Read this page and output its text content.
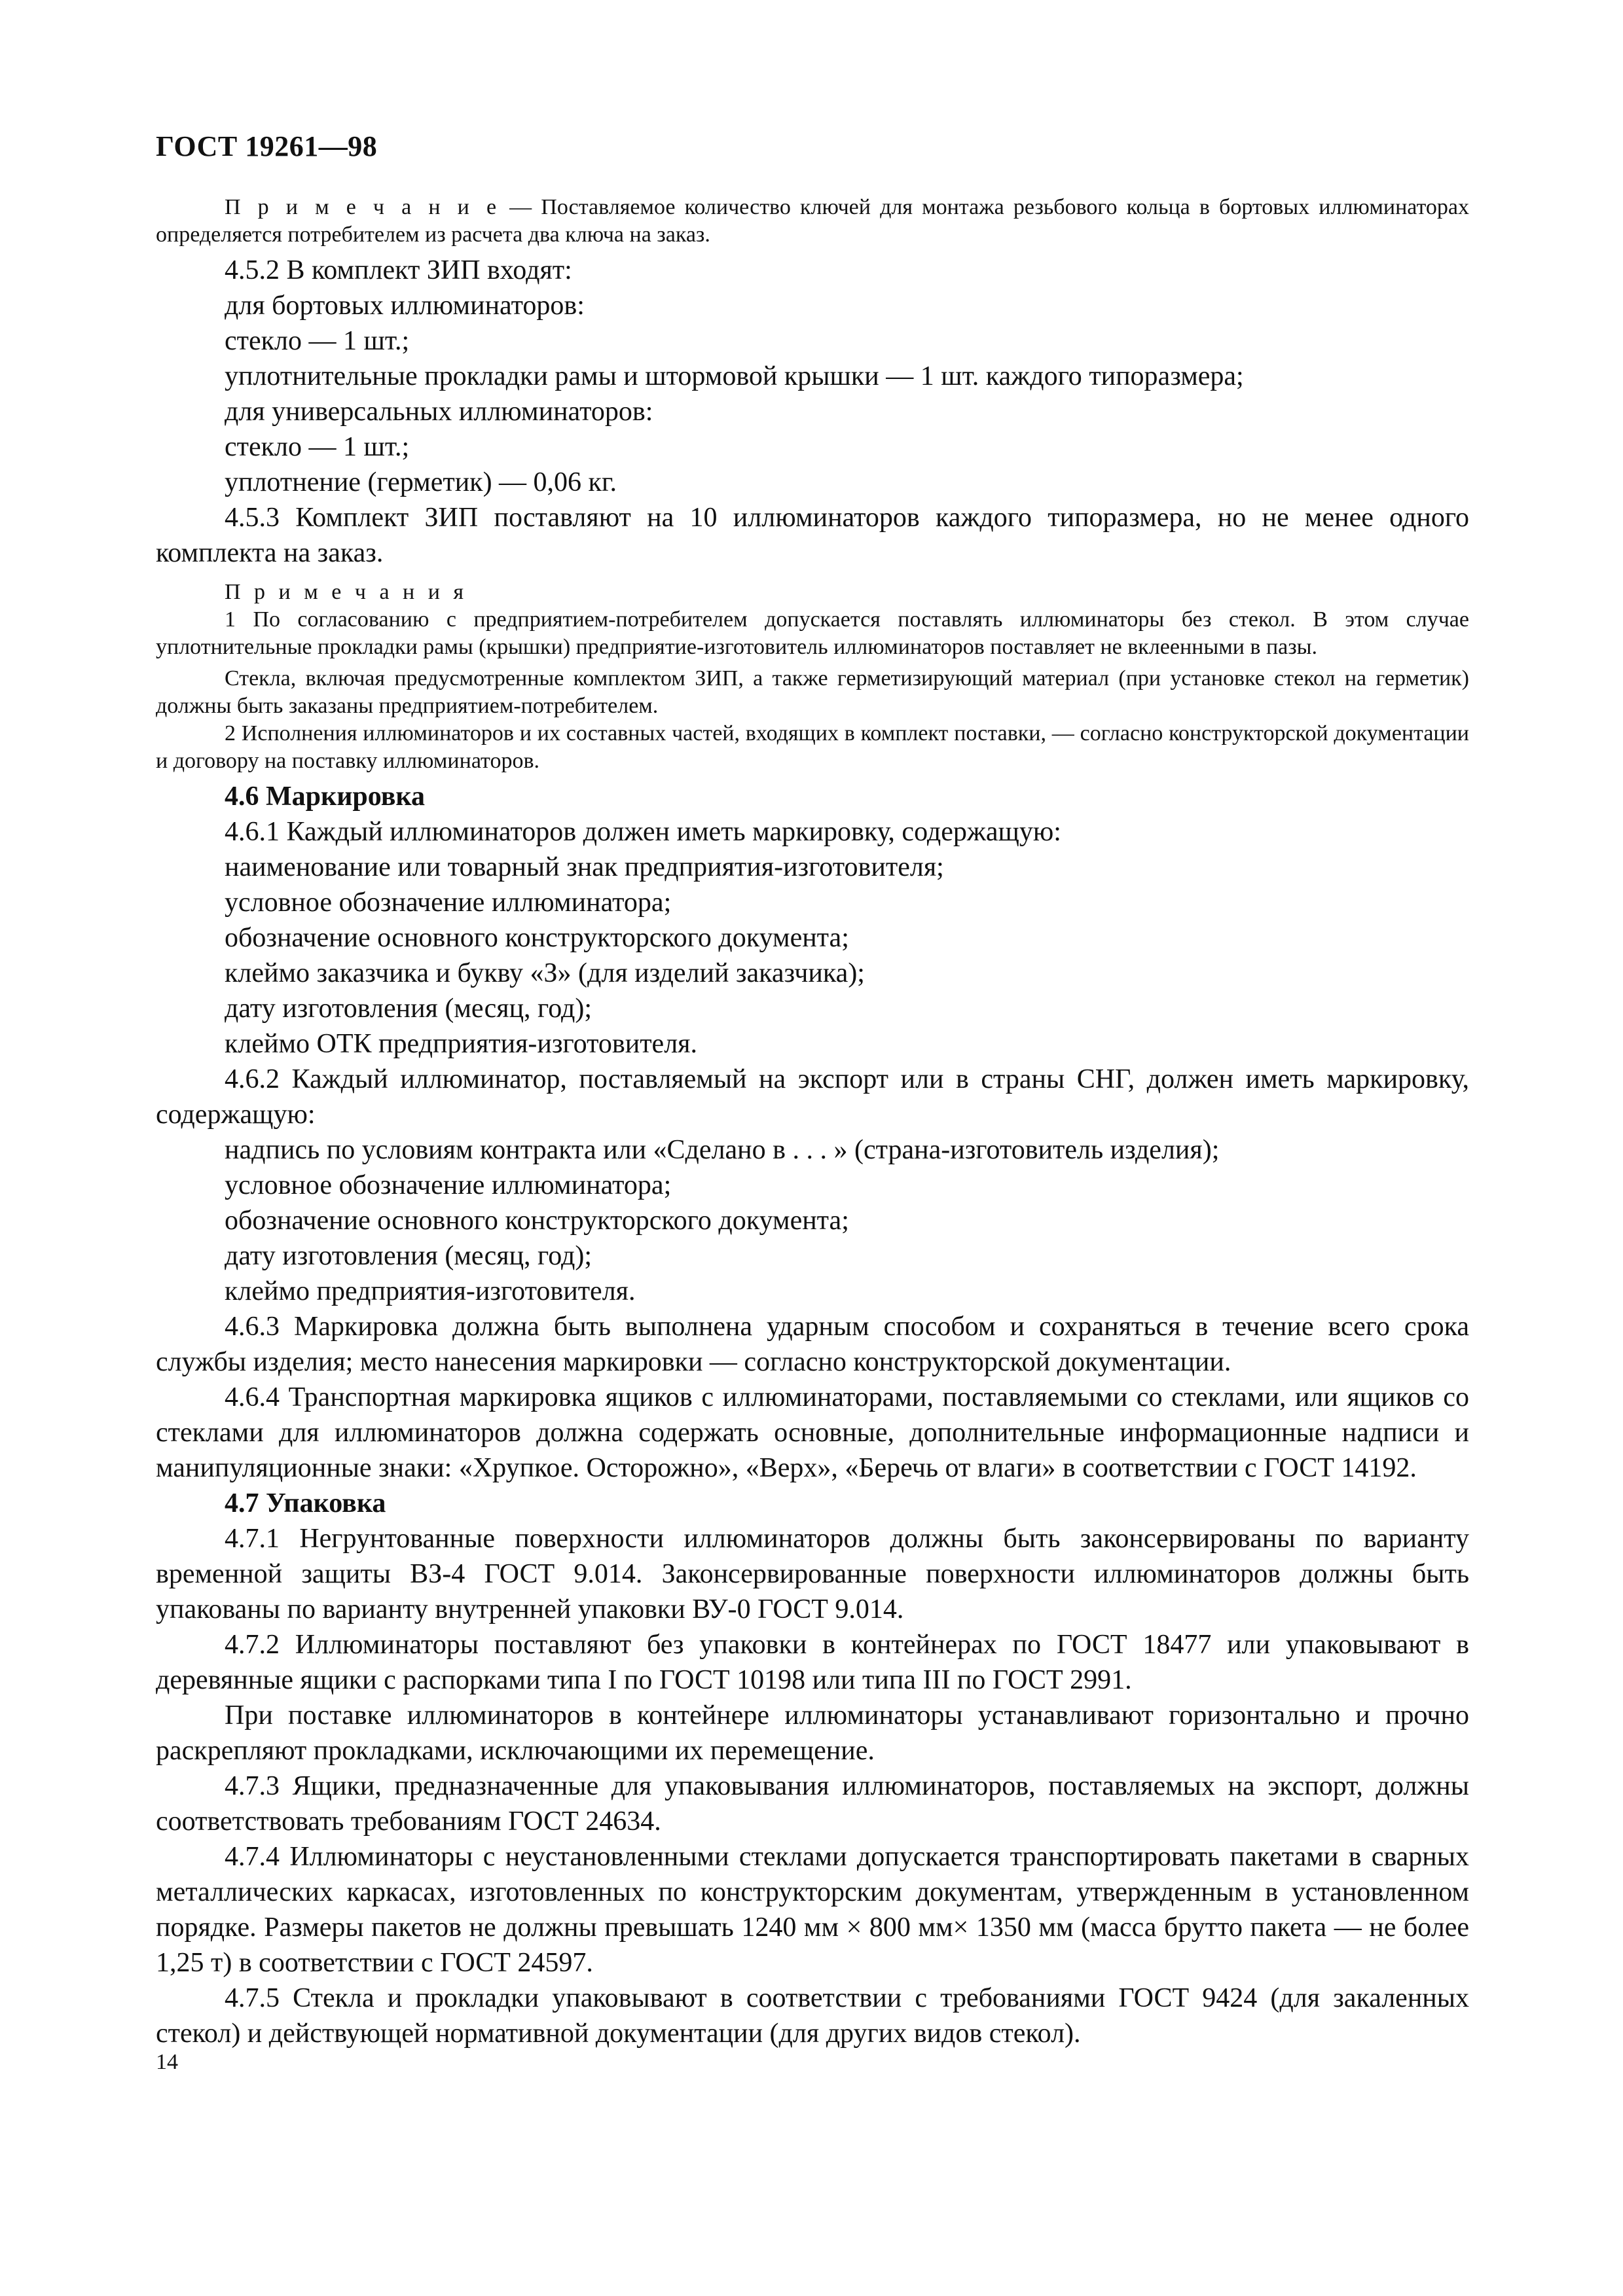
ГОСТ 19261—98

П р и м е ч а н и е — Поставляемое количество ключей для монтажа резьбового кольца в бортовых иллюминаторах определяется потребителем из расчета два ключа на заказ.

4.5.2 В комплект ЗИП входят:

для бортовых иллюминаторов:

стекло — 1 шт.;

уплотнительные прокладки рамы и штормовой крышки — 1 шт. каждого типоразмера;

для универсальных иллюминаторов:

стекло — 1 шт.;

уплотнение (герметик) — 0,06 кг.

4.5.3 Комплект ЗИП поставляют на 10 иллюминаторов каждого типоразмера, но не менее одного комплекта на заказ.

П р и м е ч а н и я

1 По согласованию с предприятием-потребителем допускается поставлять иллюминаторы без стекол. В этом случае уплотнительные прокладки рамы (крышки) предприятие-изготовитель иллюминаторов поставляет не вклеенными в пазы.

Стекла, включая предусмотренные комплектом ЗИП, а также герметизирующий материал (при установке стекол на герметик) должны быть заказаны предприятием-потребителем.

2 Исполнения иллюминаторов и их составных частей, входящих в комплект поставки, — согласно конструкторской документации и договору на поставку иллюминаторов.

4.6 Маркировка

4.6.1 Каждый иллюминаторов должен иметь маркировку, содержащую:

наименование или товарный знак предприятия-изготовителя;

условное обозначение иллюминатора;

обозначение основного конструкторского документа;

клеймо заказчика и букву «З» (для изделий заказчика);

дату изготовления (месяц, год);

клеймо ОТК предприятия-изготовителя.

4.6.2 Каждый иллюминатор, поставляемый на экспорт или в страны СНГ, должен иметь маркировку, содержащую:

надпись по условиям контракта или «Сделано в . . . » (страна-изготовитель изделия);

условное обозначение иллюминатора;

обозначение основного конструкторского документа;

дату изготовления (месяц, год);

клеймо предприятия-изготовителя.

4.6.3 Маркировка должна быть выполнена ударным способом и сохраняться в течение всего срока службы изделия; место нанесения маркировки — согласно конструкторской документации.

4.6.4 Транспортная маркировка ящиков с иллюминаторами, поставляемыми со стеклами, или ящиков со стеклами для иллюминаторов должна содержать основные, дополнительные информационные надписи и манипуляционные знаки: «Хрупкое. Осторожно», «Верх», «Беречь от влаги» в соответствии с ГОСТ 14192.

4.7 Упаковка

4.7.1 Негрунтованные поверхности иллюминаторов должны быть законсервированы по варианту временной защиты ВЗ-4 ГОСТ 9.014. Законсервированные поверхности иллюминаторов должны быть упакованы по варианту внутренней упаковки ВУ-0 ГОСТ 9.014.

4.7.2 Иллюминаторы поставляют без упаковки в контейнерах по ГОСТ 18477 или упаковывают в деревянные ящики с распорками типа I по ГОСТ 10198 или типа III по ГОСТ 2991.

При поставке иллюминаторов в контейнере иллюминаторы устанавливают горизонтально и прочно раскрепляют прокладками, исключающими их перемещение.

4.7.3 Ящики, предназначенные для упаковывания иллюминаторов, поставляемых на экспорт, должны соответствовать требованиям ГОСТ 24634.

4.7.4 Иллюминаторы с неустановленными стеклами допускается транспортировать пакетами в сварных металлических каркасах, изготовленных по конструкторским документам, утвержденным в установленном порядке. Размеры пакетов не должны превышать 1240 мм × 800 мм× 1350 мм (масса брутто пакета — не более 1,25 т) в соответствии с ГОСТ 24597.

4.7.5 Стекла и прокладки упаковывают в соответствии с требованиями ГОСТ 9424 (для закаленных стекол) и действующей нормативной документации (для других видов стекол).

14
